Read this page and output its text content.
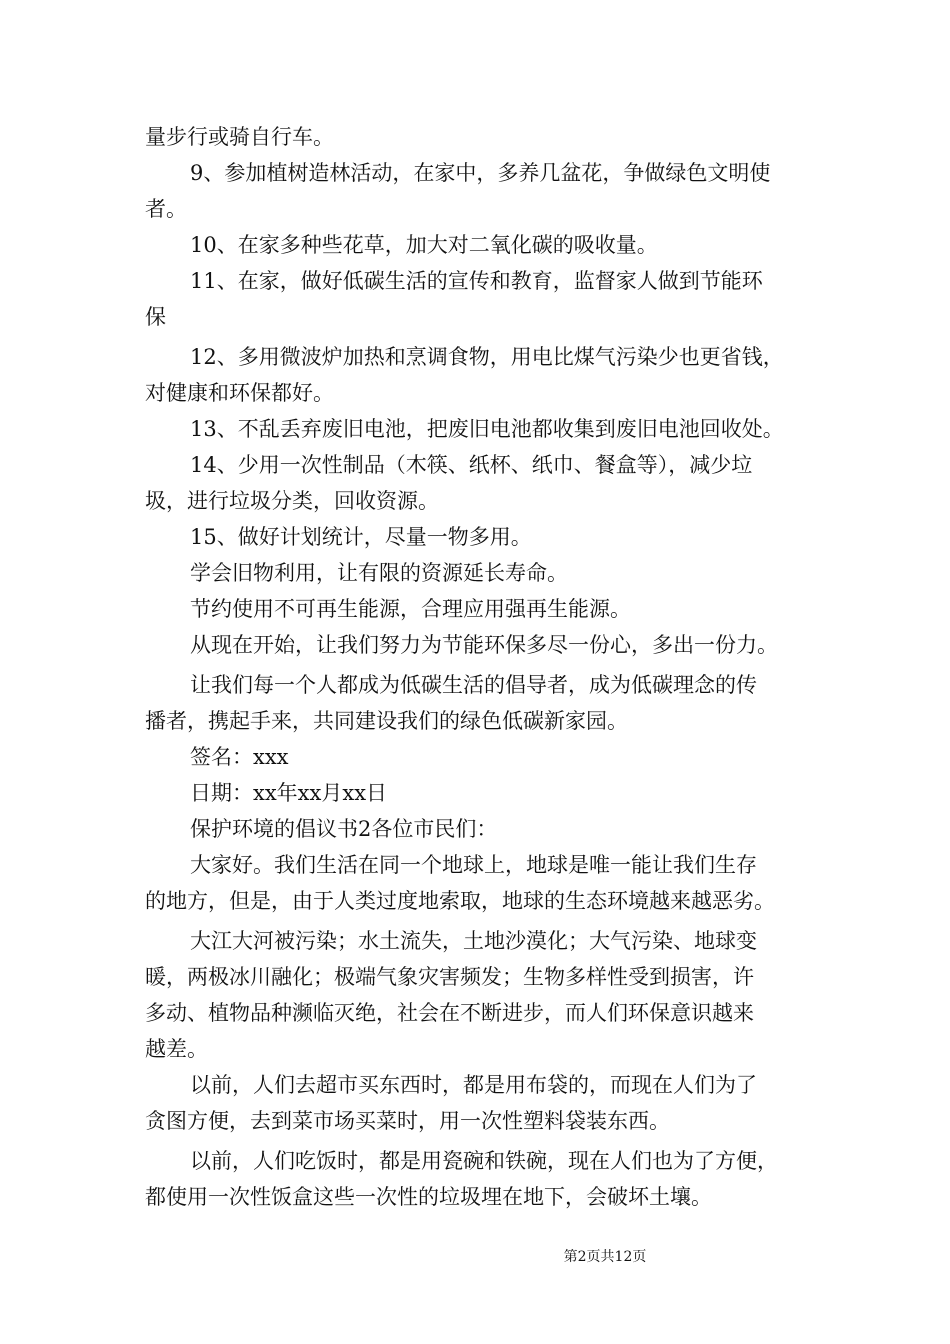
量步行或骑自行车。
9、参加植树造林活动，在家中，多养几盆花，争做绿色文明使
者。
10、在家多种些花草，加大对二氧化碳的吸收量。
11、在家，做好低碳生活的宣传和教育，监督家人做到节能环
保
12、多用微波炉加热和烹调食物，用电比煤气污染少也更省钱，
对健康和环保都好。
13、不乱丢弃废旧电池，把废旧电池都收集到废旧电池回收处。
14、少用一次性制品（木筷、纸杯、纸巾、餐盒等），减少垃
圾，进行垃圾分类，回收资源。
15、做好计划统计，尽量一物多用。
学会旧物利用，让有限的资源延长寿命。
节约使用不可再生能源，合理应用强再生能源。
从现在开始，让我们努力为节能环保多尽一份心，多出一份力。
让我们每一个人都成为低碳生活的倡导者，成为低碳理念的传
播者，携起手来，共同建设我们的绿色低碳新家园。
签名：xxx
日期：xx年xx月xx日
保护环境的倡议书2各位市民们：
大家好。我们生活在同一个地球上，地球是唯一能让我们生存
的地方，但是，由于人类过度地索取，地球的生态环境越来越恶劣。
大江大河被污染；水土流失，土地沙漠化；大气污染、地球变
暖，两极冰川融化；极端气象灾害频发；生物多样性受到损害，许
多动、植物品种濒临灭绝，社会在不断进步，而人们环保意识越来
越差。
以前，人们去超市买东西时，都是用布袋的，而现在人们为了
贪图方便，去到菜市场买菜时，用一次性塑料袋装东西。
以前，人们吃饭时，都是用瓷碗和铁碗，现在人们也为了方便，
都使用一次性饭盒这些一次性的垃圾埋在地下，会破坏土壤。
第2页共12页
